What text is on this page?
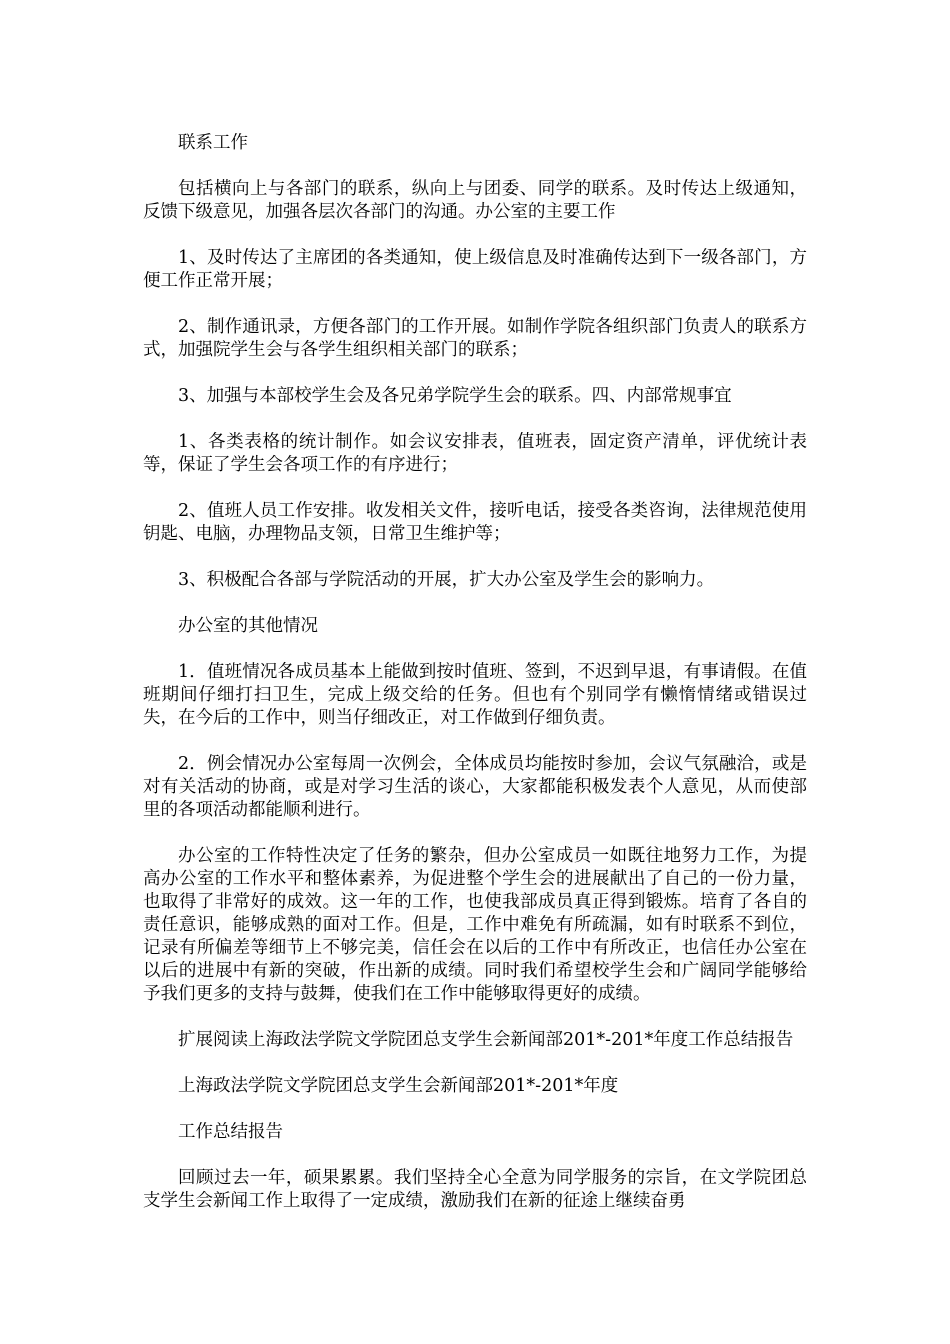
联系工作

包括横向上与各部门的联系，纵向上与团委、同学的联系。及时传达上级通知，反馈下级意见，加强各层次各部门的沟通。办公室的主要工作

1、及时传达了主席团的各类通知，使上级信息及时准确传达到下一级各部门，方便工作正常开展；

2、制作通讯录，方便各部门的工作开展。如制作学院各组织部门负责人的联系方式，加强院学生会与各学生组织相关部门的联系；

3、加强与本部校学生会及各兄弟学院学生会的联系。四、内部常规事宜

1、各类表格的统计制作。如会议安排表，值班表，固定资产清单，评优统计表等，保证了学生会各项工作的有序进行；

2、值班人员工作安排。收发相关文件，接听电话，接受各类咨询，法律规范使用钥匙、电脑，办理物品支领，日常卫生维护等；

3、积极配合各部与学院活动的开展，扩大办公室及学生会的影响力。

办公室的其他情况

1．值班情况各成员基本上能做到按时值班、签到，不迟到早退，有事请假。在值班期间仔细打扫卫生，完成上级交给的任务。但也有个别同学有懒惰情绪或错误过失，在今后的工作中，则当仔细改正，对工作做到仔细负责。

2．例会情况办公室每周一次例会，全体成员均能按时参加，会议气氛融洽，或是对有关活动的协商，或是对学习生活的谈心，大家都能积极发表个人意见，从而使部里的各项活动都能顺利进行。

办公室的工作特性决定了任务的繁杂，但办公室成员一如既往地努力工作，为提高办公室的工作水平和整体素养，为促进整个学生会的进展献出了自己的一份力量，也取得了非常好的成效。这一年的工作，也使我部成员真正得到锻炼。培育了各自的责任意识，能够成熟的面对工作。但是，工作中难免有所疏漏，如有时联系不到位，记录有所偏差等细节上不够完美，信任会在以后的工作中有所改正，也信任办公室在以后的进展中有新的突破，作出新的成绩。同时我们希望校学生会和广阔同学能够给予我们更多的支持与鼓舞，使我们在工作中能够取得更好的成绩。

扩展阅读上海政法学院文学院团总支学生会新闻部201*-201*年度工作总结报告

上海政法学院文学院团总支学生会新闻部201*-201*年度

工作总结报告

回顾过去一年，硕果累累。我们坚持全心全意为同学服务的宗旨，在文学院团总支学生会新闻工作上取得了一定成绩，激励我们在新的征途上继续奋勇
